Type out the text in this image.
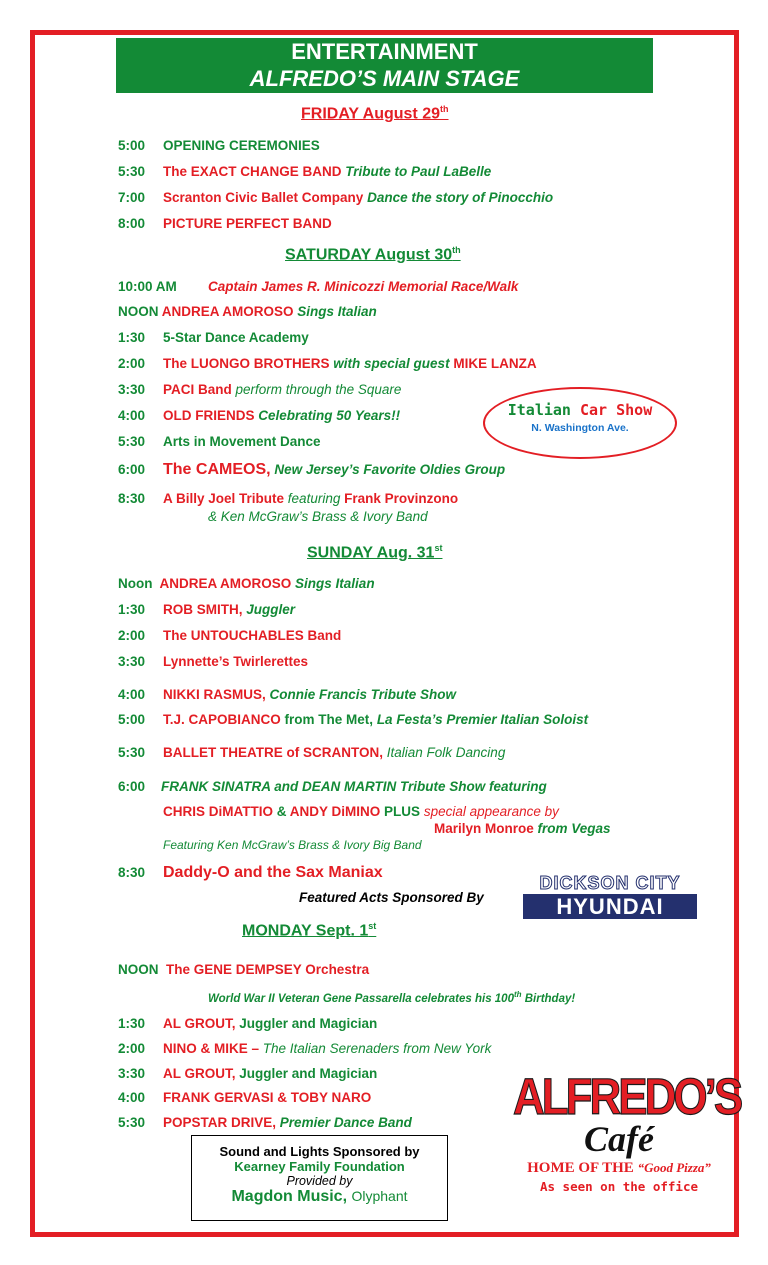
ENTERTAINMENT
ALFREDO’S MAIN STAGE
FRIDAY August 29th
5:00 OPENING CEREMONIES
5:30 The EXACT CHANGE BAND Tribute to Paul LaBelle
7:00 Scranton Civic Ballet Company Dance the story of Pinocchio
8:00 PICTURE PERFECT BAND
SATURDAY August 30th
10:00 AM Captain James R. Minicozzi Memorial Race/Walk
NOON ANDREA AMOROSO Sings Italian
1:30 5-Star Dance Academy
2:00 The LUONGO BROTHERS with special guest MIKE LANZA
3:30 PACI Band perform through the Square
4:00 OLD FRIENDS Celebrating 50 Years!!
5:30 Arts in Movement Dance
6:00 The CAMEOS, New Jersey’s Favorite Oldies Group
8:30 A Billy Joel Tribute featuring Frank Provinzono
& Ken McGraw’s Brass & Ivory Band
Italian Car Show
N. Washington Ave.
SUNDAY Aug. 31st
Noon ANDREA AMOROSO Sings Italian
1:30 ROB SMITH, Juggler
2:00 The UNTOUCHABLES Band
3:30 Lynnette’s Twirlerettes
4:00 NIKKI RASMUS, Connie Francis Tribute Show
5:00 T.J. CAPOBIANCO from The Met, La Festa’s Premier Italian Soloist
5:30 BALLET THEATRE of SCRANTON, Italian Folk Dancing
6:00 FRANK SINATRA and DEAN MARTIN Tribute Show featuring
CHRIS DiMATTIO & ANDY DiMINO PLUS special appearance by
Marilyn Monroe from Vegas
Featuring Ken McGraw’s Brass & Ivory Big Band
8:30 Daddy-O and the Sax Maniax
Featured Acts Sponsored By
DICKSON CITY
HYUNDAI
MONDAY Sept. 1st
NOON The GENE DEMPSEY Orchestra
World War II Veteran Gene Passarella celebrates his 100th Birthday!
1:30 AL GROUT, Juggler and Magician
2:00 NINO & MIKE – The Italian Serenaders from New York
3:30 AL GROUT, Juggler and Magician
4:00 FRANK GERVASI & TOBY NARO
5:30 POPSTAR DRIVE, Premier Dance Band
Sound and Lights Sponsored by
Kearney Family Foundation
Provided by
Magdon Music, Olyphant
ALFREDO’S
Café
HOME OF THE “Good Pizza”
As seen on the office
